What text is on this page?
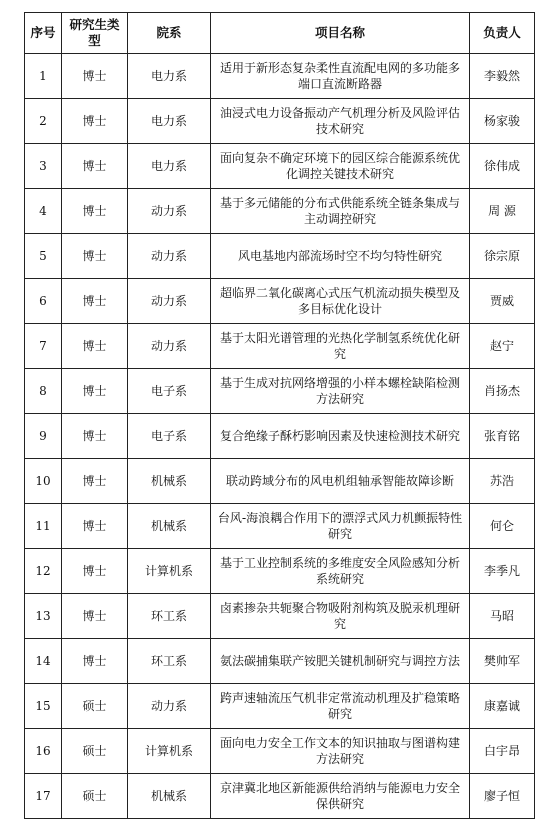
序号	研究生类型	院系	项目名称	负责人
1	博士	电力系	适用于新形态复杂柔性直流配电网的多功能多端口直流断路器	李毅然
2	博士	电力系	油浸式电力设备振动产气机理分析及风险评估技术研究	杨家骏
3	博士	电力系	面向复杂不确定环境下的园区综合能源系统优化调控关键技术研究	徐伟成
4	博士	动力系	基于多元储能的分布式供能系统全链条集成与主动调控研究	周 源
5	博士	动力系	风电基地内部流场时空不均匀特性研究	徐宗原
6	博士	动力系	超临界二氧化碳离心式压气机流动损失模型及多目标优化设计	贾威
7	博士	动力系	基于太阳光谱管理的光热化学制氢系统优化研究	赵宁
8	博士	电子系	基于生成对抗网络增强的小样本螺栓缺陷检测方法研究	肖扬杰
9	博士	电子系	复合绝缘子酥朽影响因素及快速检测技术研究	张育铭
10	博士	机械系	联动跨域分布的风电机组轴承智能故障诊断	苏浩
11	博士	机械系	台风-海浪耦合作用下的漂浮式风力机颤振特性研究	何仑
12	博士	计算机系	基于工业控制系统的多维度安全风险感知分析系统研究	李季凡
13	博士	环工系	卤素掺杂共轭聚合物吸附剂构筑及脱汞机理研究	马昭
14	博士	环工系	氨法碳捕集联产铵肥关键机制研究与调控方法	樊帅军
15	硕士	动力系	跨声速轴流压气机非定常流动机理及扩稳策略研究	康嘉诚
16	硕士	计算机系	面向电力安全工作文本的知识抽取与图谱构建方法研究	白宇昂
17	硕士	机械系	京津冀北地区新能源供给消纳与能源电力安全保供研究	廖子恒
